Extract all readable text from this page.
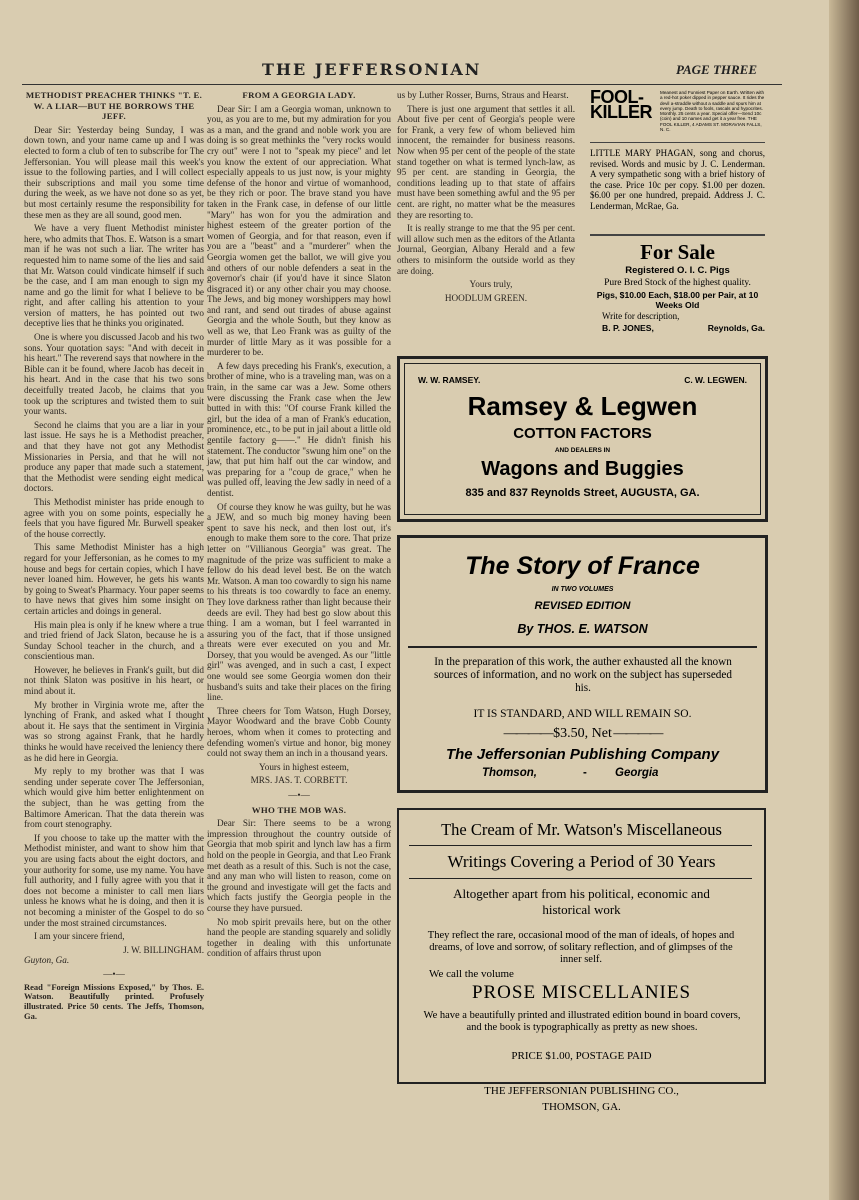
THE JEFFERSONIAN	PAGE THREE
METHODIST PREACHER THINKS "T. E. W. A LIAR—BUT HE BORROWS THE JEFF.

Dear Sir: Yesterday being Sunday, I was down town, and your name came up and I was elected to form a club of ten to subscribe for The Jeffersonian. You will please mail this week's issue to the following parties, and I will collect their subscriptions and mail you some time during the week, as we have not done so as yet, but most certainly resume the responsibility for these men as they are all sound, good men.

We have a very fluent Methodist minister here, who admits that Thos. E. Watson is a smart man if he was not such a liar. The writer has requested him to name some of the lies and said that Mr. Watson could vindicate himself if such be the case, and I am man enough to sign my name and go the limit for what I believe to be right, and after calling his attention to your version of matters, he has pointed out two deceptive lies that he thinks you originated.

One is where you discussed Jacob and his two sons. Your quotation says: "And with deceit in his heart." The reverend says that nowhere in the Bible can it be found, where Jacob has deceit in his heart. And in the case that his two sons deceitfully treated Jacob, he claims that you took up the scriptures and twisted them to suit your wants.

Second he claims that you are a liar in your last issue. He says he is a Methodist preacher, and that they have not got any Methodist Missionaries in Persia, and that he will not produce any paper that made such a statement, that the Methodist were sending eight medical doctors.

This Methodist minister has pride enough to agree with you on some points, especially he feels that you have figured Mr. Burwell speaker of the house correctly.

This same Methodist Minister has a high regard for your Jeffersonian, as he comes to my house and begs for certain copies, which I have never loaned him. However, he gets his wants by going to Sweat's Pharmacy. Your paper seems to have news that gives him some insight on certain articles and doings in general.

His main plea is only if he knew where a true and tried friend of Jack Slaton, because he is a Sunday School teacher in the church, and a conscientious man.

However, he believes in Frank's guilt, but did not think Slaton was positive in his heart, or mind about it.

My brother in Virginia wrote me, after the lynching of Frank, and asked what I thought about it. He says that the sentiment in Virginia was so strong against Frank, that he hardly thinks he would have received the leniency there as he did here in Georgia.

My reply to my brother was that I was sending under seperate cover The Jeffersonian, which would give him better enlightenment on the subject, than he was getting from the Baltimore American. That the data therein was from court stenography.

If you choose to take up the matter with the Methodist minister, and want to show him that you are using facts about the eight doctors, and your authority for some, use my name. You have full authority, and I fully agree with you that it does not become a minister to call men liars unless he knows what he is doing, and then it is not becoming a minister of the Gospel to do so under the most strained circumstances.

I am your sincere friend,

J. W. BILLINGHAM.
Guyton, Ga.
—•—
Read "Foreign Missions Exposed," by Thos. E. Watson. Beautifully printed. Profusely illustrated. Price 50 cents. The Jeffs, Thomson, Ga.
FROM A GEORGIA LADY.

Dear Sir: I am a Georgia woman, unknown to you, as you are to me, but my admiration for you as a man, and the grand and noble work you are doing is so great methinks the "very rocks would cry out" were I not to "speak my piece" and let you know the extent of our appreciation. What especially appeals to us just now, is your mighty defense of the honor and virtue of womanhood, be they rich or poor. The brave stand you have taken in the Frank case, in defense of our little "Mary" has won for you the admiration and highest esteem of the greater portion of the women of Georgia, and for that reason, even if you are a "beast" and a "murderer" when the Georgia women get the ballot, we will give you and others of our noble defenders a seat in the governor's chair (if you'd have it since Slaton disgraced it) or any other chair you may choose. The Jews, and big money worshippers may howl and rant, and send out tirades of abuse against Georgia and the whole South, but they know as well as we, that Leo Frank was as guilty of the murder of little Mary as it was possible for a murderer to be.

A few days preceding his Frank's, execution, a brother of mine, who is a traveling man, was on a train, in the same car was a Jew. Some others were discussing the Frank case when the Jew butted in with this: "Of course Frank killed the girl, but the idea of a man of Frank's education, prominence, etc., to be put in jail about a little old gentile factory g——." He didn't finish his statement. The conductor "swung him one" on the jaw, that put him half out the car window, and was preparing for a "coup de grace," when he was pulled off, leaving the Jew sadly in need of a dentist.

Of course they know he was guilty, but he was a JEW, and so much big money having been spent to save his neck, and then lost out, it's enough to make them sore to the core. That prize letter on "Villianous Georgia" was great. The magnitude of the prize was sufficient to make a fellow do his dead level best. Be on the watch Mr. Watson. A man too cowardly to sign his name to his threats is too cowardly to face an enemy. They love darkness rather than light because their deeds are evil. They had best go slow about this thing. I am a woman, but I feel warranted in assuring you of the fact, that if those unsigned threats were ever executed on you and Mr. Dorsey, that you would be avenged. As our "little girl" was avenged, and in such a cast, I expect one would see some Georgia women don their husband's suits and take their places on the firing line.

Three cheers for Tom Watson, Hugh Dorsey, Mayor Woodward and the brave Cobb County heroes, whom when it comes to protecting and defending women's virtue and honor, big money could not sway them an inch in a thousand years.

Yours in highest esteem,

MRS. JAS. T. CORBETT.
—•—
WHO THE MOB WAS.

Dear Sir: There seems to be a wrong impression throughout the country outside of Georgia that mob spirit and lynch law has a firm hold on the people in Georgia, and that Leo Frank met death as a result of this. Such is not the case, and any man who will listen to reason, come on the ground and investigate will get the facts and which facts justify the Georgia people in the course they have pursued.

No mob spirit prevails here, but on the other hand the people are standing squarely and solidly together in dealing with this unfortunate condition of affairs thrust upon

us by Luther Rosser, Burns, Straus and Hearst.

There is just one argument that settles it all. About five per cent of Georgia's people were for Frank, a very few of whom believed him innocent, the remainder for business reasons. Now when 95 per cent of the people of the state stand together on what is termed lynch-law, as 95 per cent. are standing in Georgia, the conditions leading up to that state of affairs must have been something awful and the 95 per cent. are right, no matter what be the measures they are resorting to.

It is really strange to me that the 95 per cent. will allow such men as the editors of the Atlanta Journal, Georgian, Albany Herald and a few others to misinform the outside world as they are doing.

Yours truly,

HOODLUM GREEN.
FOOL-KILLER
Meanest and Funniest Paper on Earth. Written with a red-hot poker dipped in pepper sauce. It rides the devil a-straddle without a saddle and spurs him at every jump. Death to fools, rascals and hypocrites. Monthly. 25 cents a year. Special offer—Send 10c (coin) and 10 names and get it a year free. THE FOOL KILLER, 4 ADAMS ST. MORAVIAN FALLS, N. C.
LITTLE MARY PHAGAN, song and chorus, revised. Words and music by J. C. Lenderman. A very sympathetic song with a brief history of the case. Price 10c per copy. $1.00 per dozen. $6.00 per one hundred, prepaid. Address J. C. Lenderman, McRae, Ga.
For Sale
Registered O. I. C. Pigs
Pure Bred Stock of the highest quality.
Pigs, $10.00 Each, $18.00 per Pair, at 10 Weeks Old
Write for description,
B. P. JONES,	Reynolds, Ga.
W. W. RAMSEY.	C. W. LEGWEN.
Ramsey & Legwen
COTTON FACTORS
AND DEALERS IN
Wagons and Buggies
835 and 837 Reynolds Street, AUGUSTA, GA.
The Story of France
IN TWO VOLUMES
REVISED EDITION
By THOS. E. WATSON
In the preparation of this work, the auther exhausted all the known sources of information, and no work on the subject has superseded his.
IT IS STANDARD, AND WILL REMAIN SO.
———— $3.50, Net ————
The Jeffersonian Publishing Company
Thomson,	- Georgia
The Cream of Mr. Watson's Miscellaneous
Writings Covering a Period of 30 Years
Altogether apart from his political, economic and historical work
They reflect the rare, occasional mood of the man of ideals, of hopes and dreams, of love and sorrow, of solitary reflection, and of glimpses of the inner self.
We call the volume
PROSE MISCELLANIES
We have a beautifully printed and illustrated edition bound in board covers, and the book is typographically as pretty as new shoes.
PRICE $1.00, POSTAGE PAID
THE JEFFERSONIAN PUBLISHING CO.,
THOMSON, GA.
